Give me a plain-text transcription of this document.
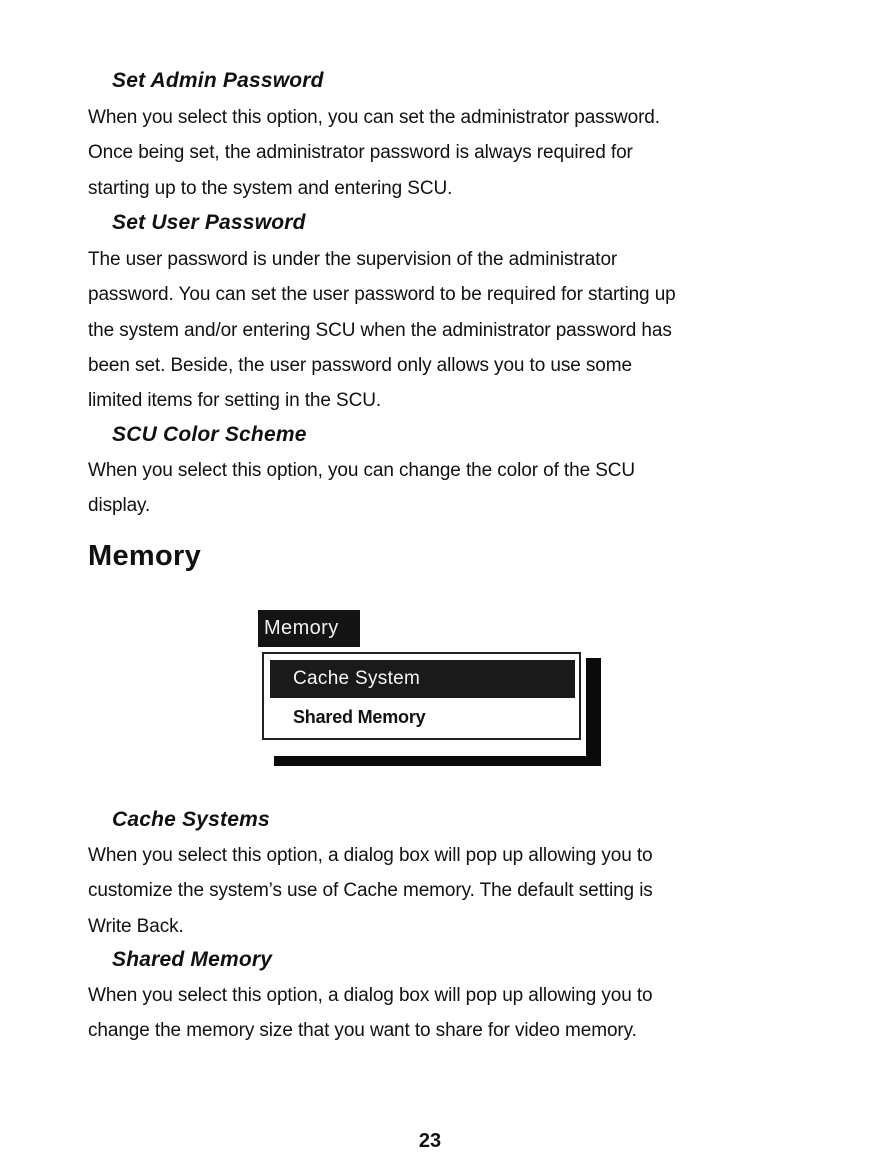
Set Admin Password

When you select this option, you can set the administrator password.

Once being set, the administrator password is always required for

starting up to the system and entering SCU.

Set User Password

The user password is under the supervision of the administrator

password. You can set the user password to be required for starting up

the system and/or entering SCU when the administrator password has

been set. Beside, the user password only allows you to use some

limited items for setting in the SCU.

SCU Color Scheme

When you select this option, you can change the color of the SCU

display.

Memory
Memory
Cache System
Shared Memory
Cache Systems

When you select this option, a dialog box will pop up allowing you to

customize the system’s use of Cache memory. The default setting is

Write Back.

Shared Memory

When you select this option, a dialog box will pop up allowing you to

change the memory size that you want to share for video memory.

23
